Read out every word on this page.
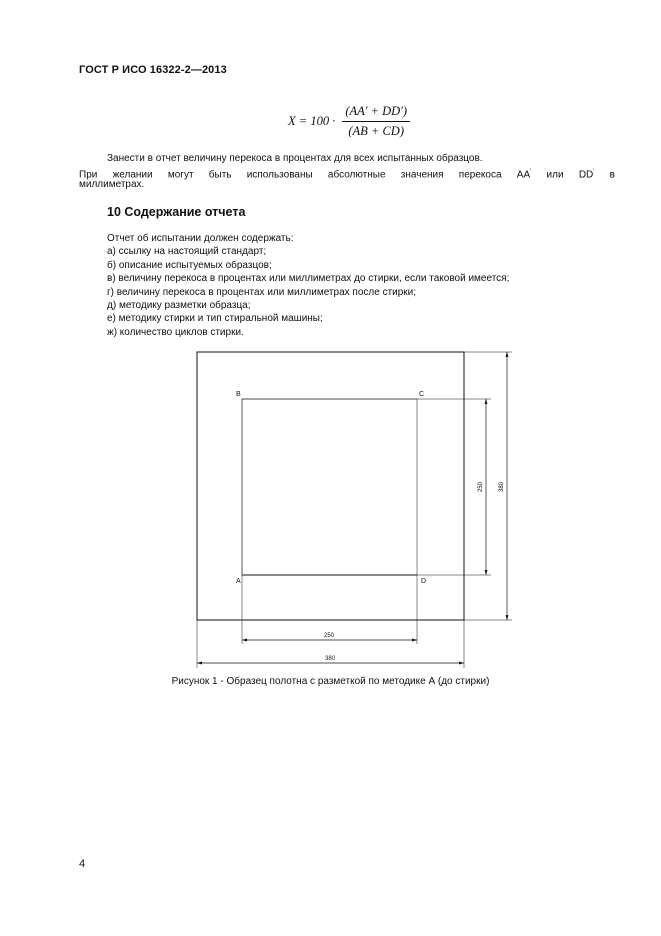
ГОСТ Р ИСО 16322-2—2013
$X = 100 \cdot \frac{(AA' + DD')}{(AB + CD)}$
Занести в отчет величину перекоса в процентах для всех испытанных образцов.
При желании могут быть использованы абсолютные значения перекоса АА' или DD' в
миллиметрах.
10 Содержание отчета
Отчет об испытании должен содержать:
а) ссылку на настоящий стандарт;
б) описание испытуемых образцов;
в) величину перекоса в процентах или миллиметрах до стирки, если таковой имеется;
г) величину перекоса в процентах или миллиметрах после стирки;
д) методику разметки образца;
е) методику стирки и тип стиральной машины;
ж) количество циклов стирки.
B	C
A	D
250
380
250	380
Рисунок 1 - Образец полотна с разметкой по методике А (до стирки)
4
